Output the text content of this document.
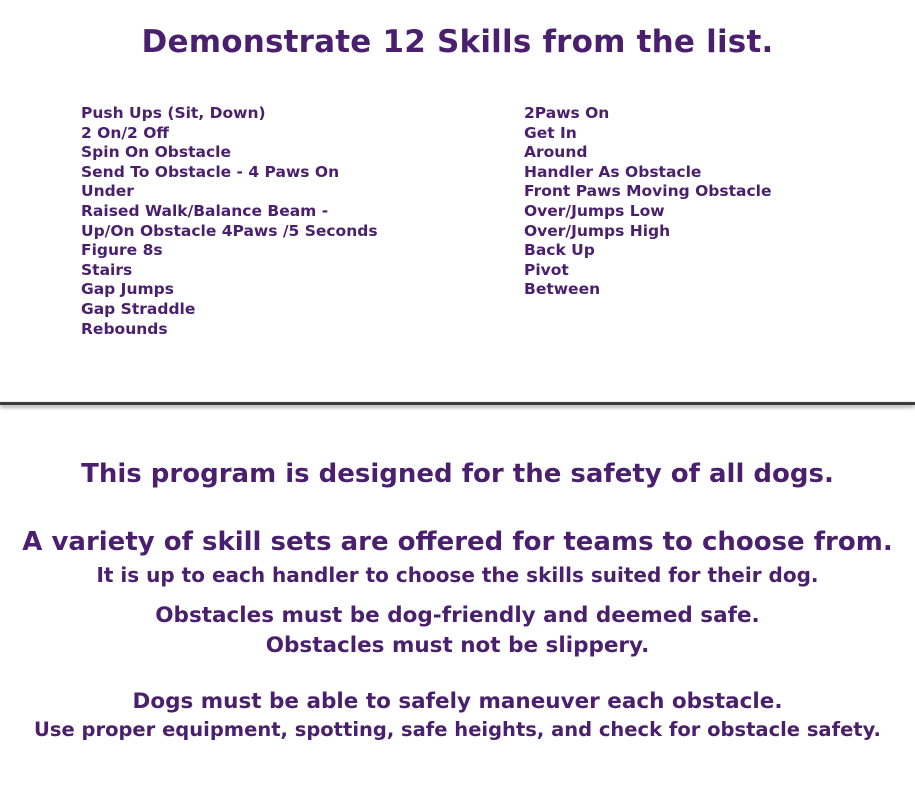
Demonstrate 12 Skills from the list.
Push Ups (Sit, Down)
2 On/2 Off
Spin On Obstacle
Send To Obstacle - 4 Paws On
Under
Raised Walk/Balance Beam -
Up/On Obstacle 4Paws /5 Seconds
Figure 8s
Stairs
Gap Jumps
Gap Straddle
Rebounds
2Paws On
Get In
Around
Handler As Obstacle
Front Paws Moving Obstacle
Over/Jumps Low
Over/Jumps High
Back Up
Pivot
Between

This program is designed for the safety of all dogs.

A variety of skill sets are offered for teams to choose from.

It is up to each handler to choose the skills suited for their dog.

Obstacles must be dog-friendly and deemed safe.

Obstacles must not be slippery.

Dogs must be able to safely maneuver each obstacle.

Use proper equipment, spotting, safe heights, and check for obstacle safety.
